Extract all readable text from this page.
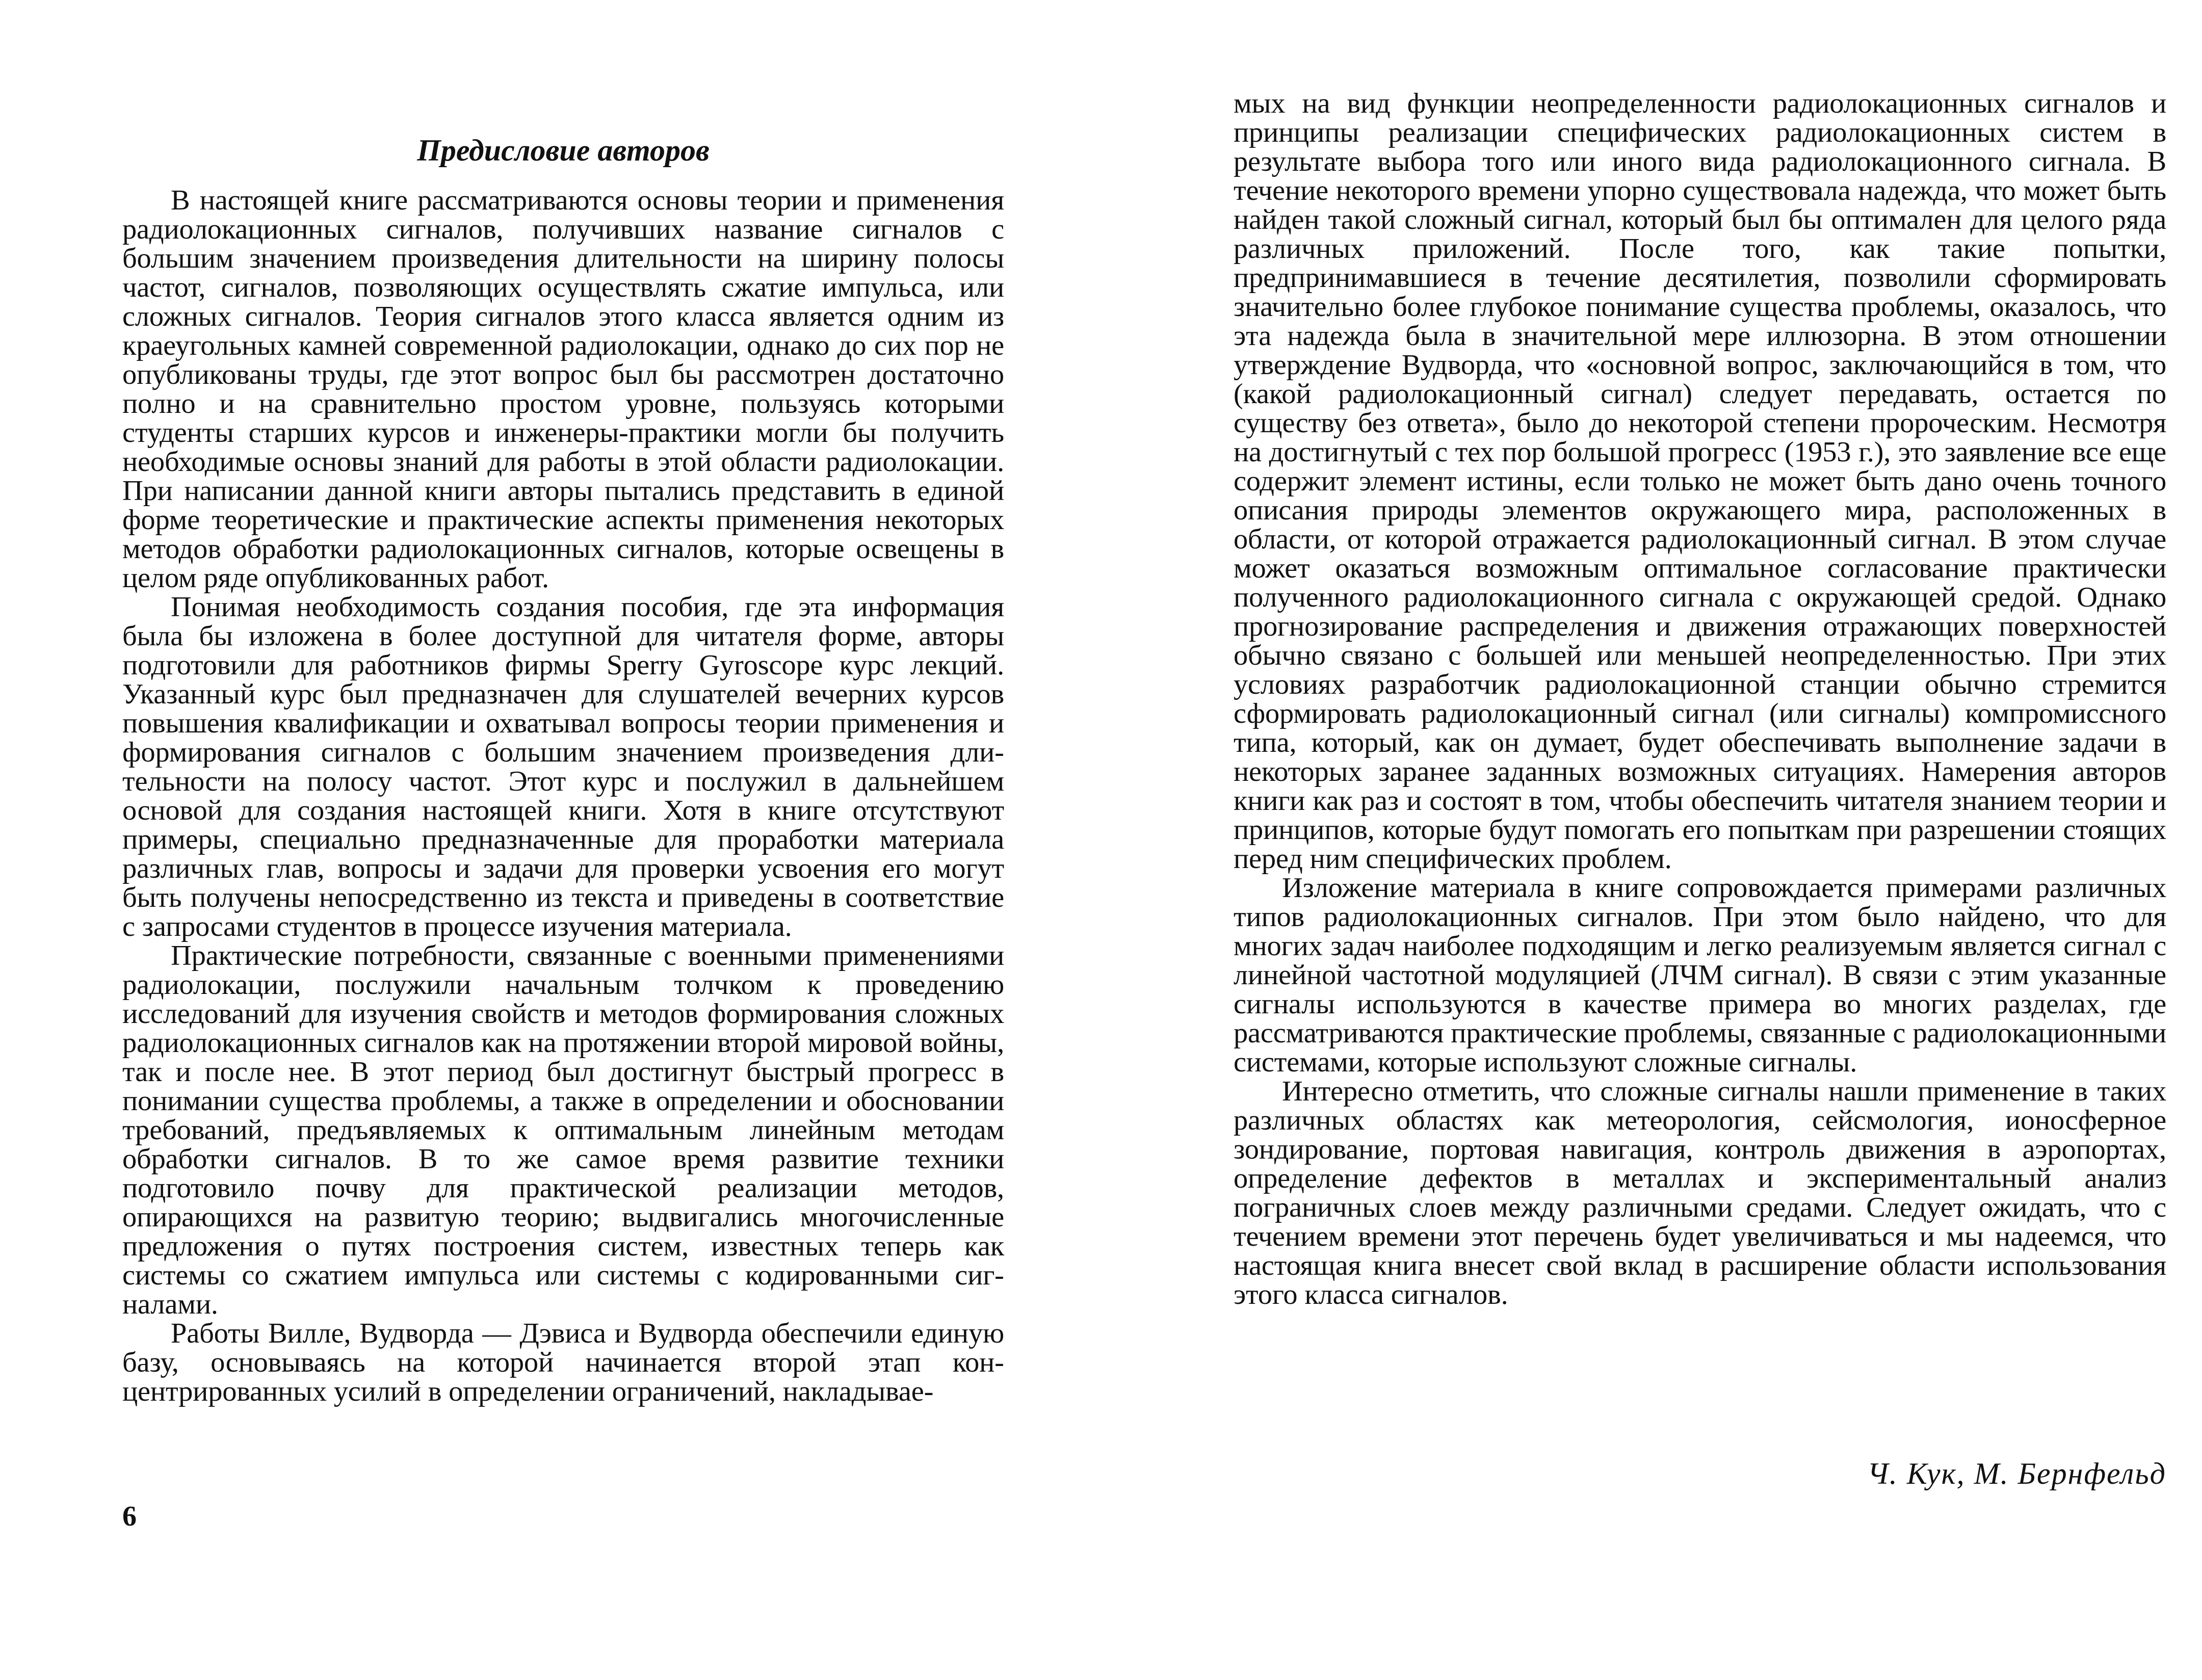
Предисловие авторов

В настоящей книге рассматриваются основы теории и применения радиолокационных сигналов, получивших название сигналов с большим значением произведения длительности на ширину полосы частот, сигналов, позволяющих осуществлять сжатие импульса, или сложных сигналов. Теория сигналов этого класса является одним из краеугольных камней современной радиолокации, однако до сих пор не опубликованы труды, где этот вопрос был бы рассмотрен достаточно полно и на сравнительно простом уровне, пользуясь которыми студенты старших курсов и инженеры-практики могли бы получить необходимые основы знаний для работы в этой области радиолокации. При написании данной книги авторы пытались представить в единой форме теоретические и практические аспекты применения некоторых методов обработки радиолокационных сигналов, которые освещены в целом ряде опубликованных работ.

Понимая необходимость создания пособия, где эта информация была бы изложена в более доступной для читателя форме, авторы подготовили для работников фирмы Sperry Gyroscope курс лекций. Указанный курс был предназначен для слушателей вечерних курсов повышения квалификации и охватывал вопросы теории применения и формирования сигналов с большим значением произведения длительности на полосу частот. Этот курс и послужил в дальнейшем основой для создания настоящей книги. Хотя в книге отсутствуют примеры, специально предназначенные для проработки материала различных глав, вопросы и задачи для проверки усвоения его могут быть получены непосредственно из текста и приведены в соответствие с запросами студентов в процессе изучения материала.

Практические потребности, связанные с военными применениями радиолокации, послужили начальным толчком к проведению исследований для изучения свойств и методов формирования сложных радиолокационных сигналов как на протяжении второй мировой войны, так и после нее. В этот период был достигнут быстрый прогресс в понимании существа проблемы, а также в определении и обосновании требований, предъявляемых к оптимальным линейным методам обработки сигналов. В то же самое время развитие техники подготовило почву для практической реализации методов, опирающихся на развитую теорию; выдвигались многочисленные предложения о путях построения систем, известных теперь как системы со сжатием импульса или системы с кодированными сигналами.

Работы Вилле, Вудворда — Дэвиса и Вудворда обеспечили единую базу, основываясь на которой начинается второй этап концентрированных усилий в определении ограничений, накладывае-

6

мых на вид функции неопределенности радиолокационных сигналов и принципы реализации специфических радиолокационных систем в результате выбора того или иного вида радиолокационного сигнала. В течение некоторого времени упорно существовала надежда, что может быть найден такой сложный сигнал, который был бы оптимален для целого ряда различных приложений. После того, как такие попытки, предпринимавшиеся в течение десятилетия, позволили сформировать значительно более глубокое понимание существа проблемы, оказалось, что эта надежда была в значительной мере иллюзорна. В этом отношении утверждение Вудворда, что «основной вопрос, заключающийся в том, что (какой радиолокационный сигнал) следует передавать, остается по существу без ответа», было до некоторой степени пророческим. Несмотря на достигнутый с тех пор большой прогресс (1953 г.), это заявление все еще содержит элемент истины, если только не может быть дано очень точного описания природы элементов окружающего мира, расположенных в области, от которой отражается радиолокационный сигнал. В этом случае может оказаться возможным оптимальное согласование практически полученного радиолокационного сигнала с окружающей средой. Однако прогнозирование распределения и движения отражающих поверхностей обычно связано с большей или меньшей неопределенностью. При этих условиях разработчик радиолокационной станции обычно стремится сформировать радиолокационный сигнал (или сигналы) компромиссного типа, который, как он думает, будет обеспечивать выполнение задачи в некоторых заранее заданных возможных ситуациях. Намерения авторов книги как раз и состоят в том, чтобы обеспечить читателя знанием теории и принципов, которые будут помогать его попыткам при разрешении стоящих перед ним специфических проблем.

Изложение материала в книге сопровождается примерами различных типов радиолокационных сигналов. При этом было найдено, что для многих задач наиболее подходящим и легко реализуемым является сигнал с линейной частотной модуляцией (ЛЧМ сигнал). В связи с этим указанные сигналы используются в качестве примера во многих разделах, где рассматриваются практические проблемы, связанные с радиолокационными системами, которые используют сложные сигналы.

Интересно отметить, что сложные сигналы нашли применение в таких различных областях как метеорология, сейсмология, ионосферное зондирование, портовая навигация, контроль движения в аэропортах, определение дефектов в металлах и экспериментальный анализ пограничных слоев между различными средами. Следует ожидать, что с течением времени этот перечень будет увеличиваться и мы надеемся, что настоящая книга внесет свой вклад в расширение области использования этого класса сигналов.

Ч. Кук, М. Бернфельд
